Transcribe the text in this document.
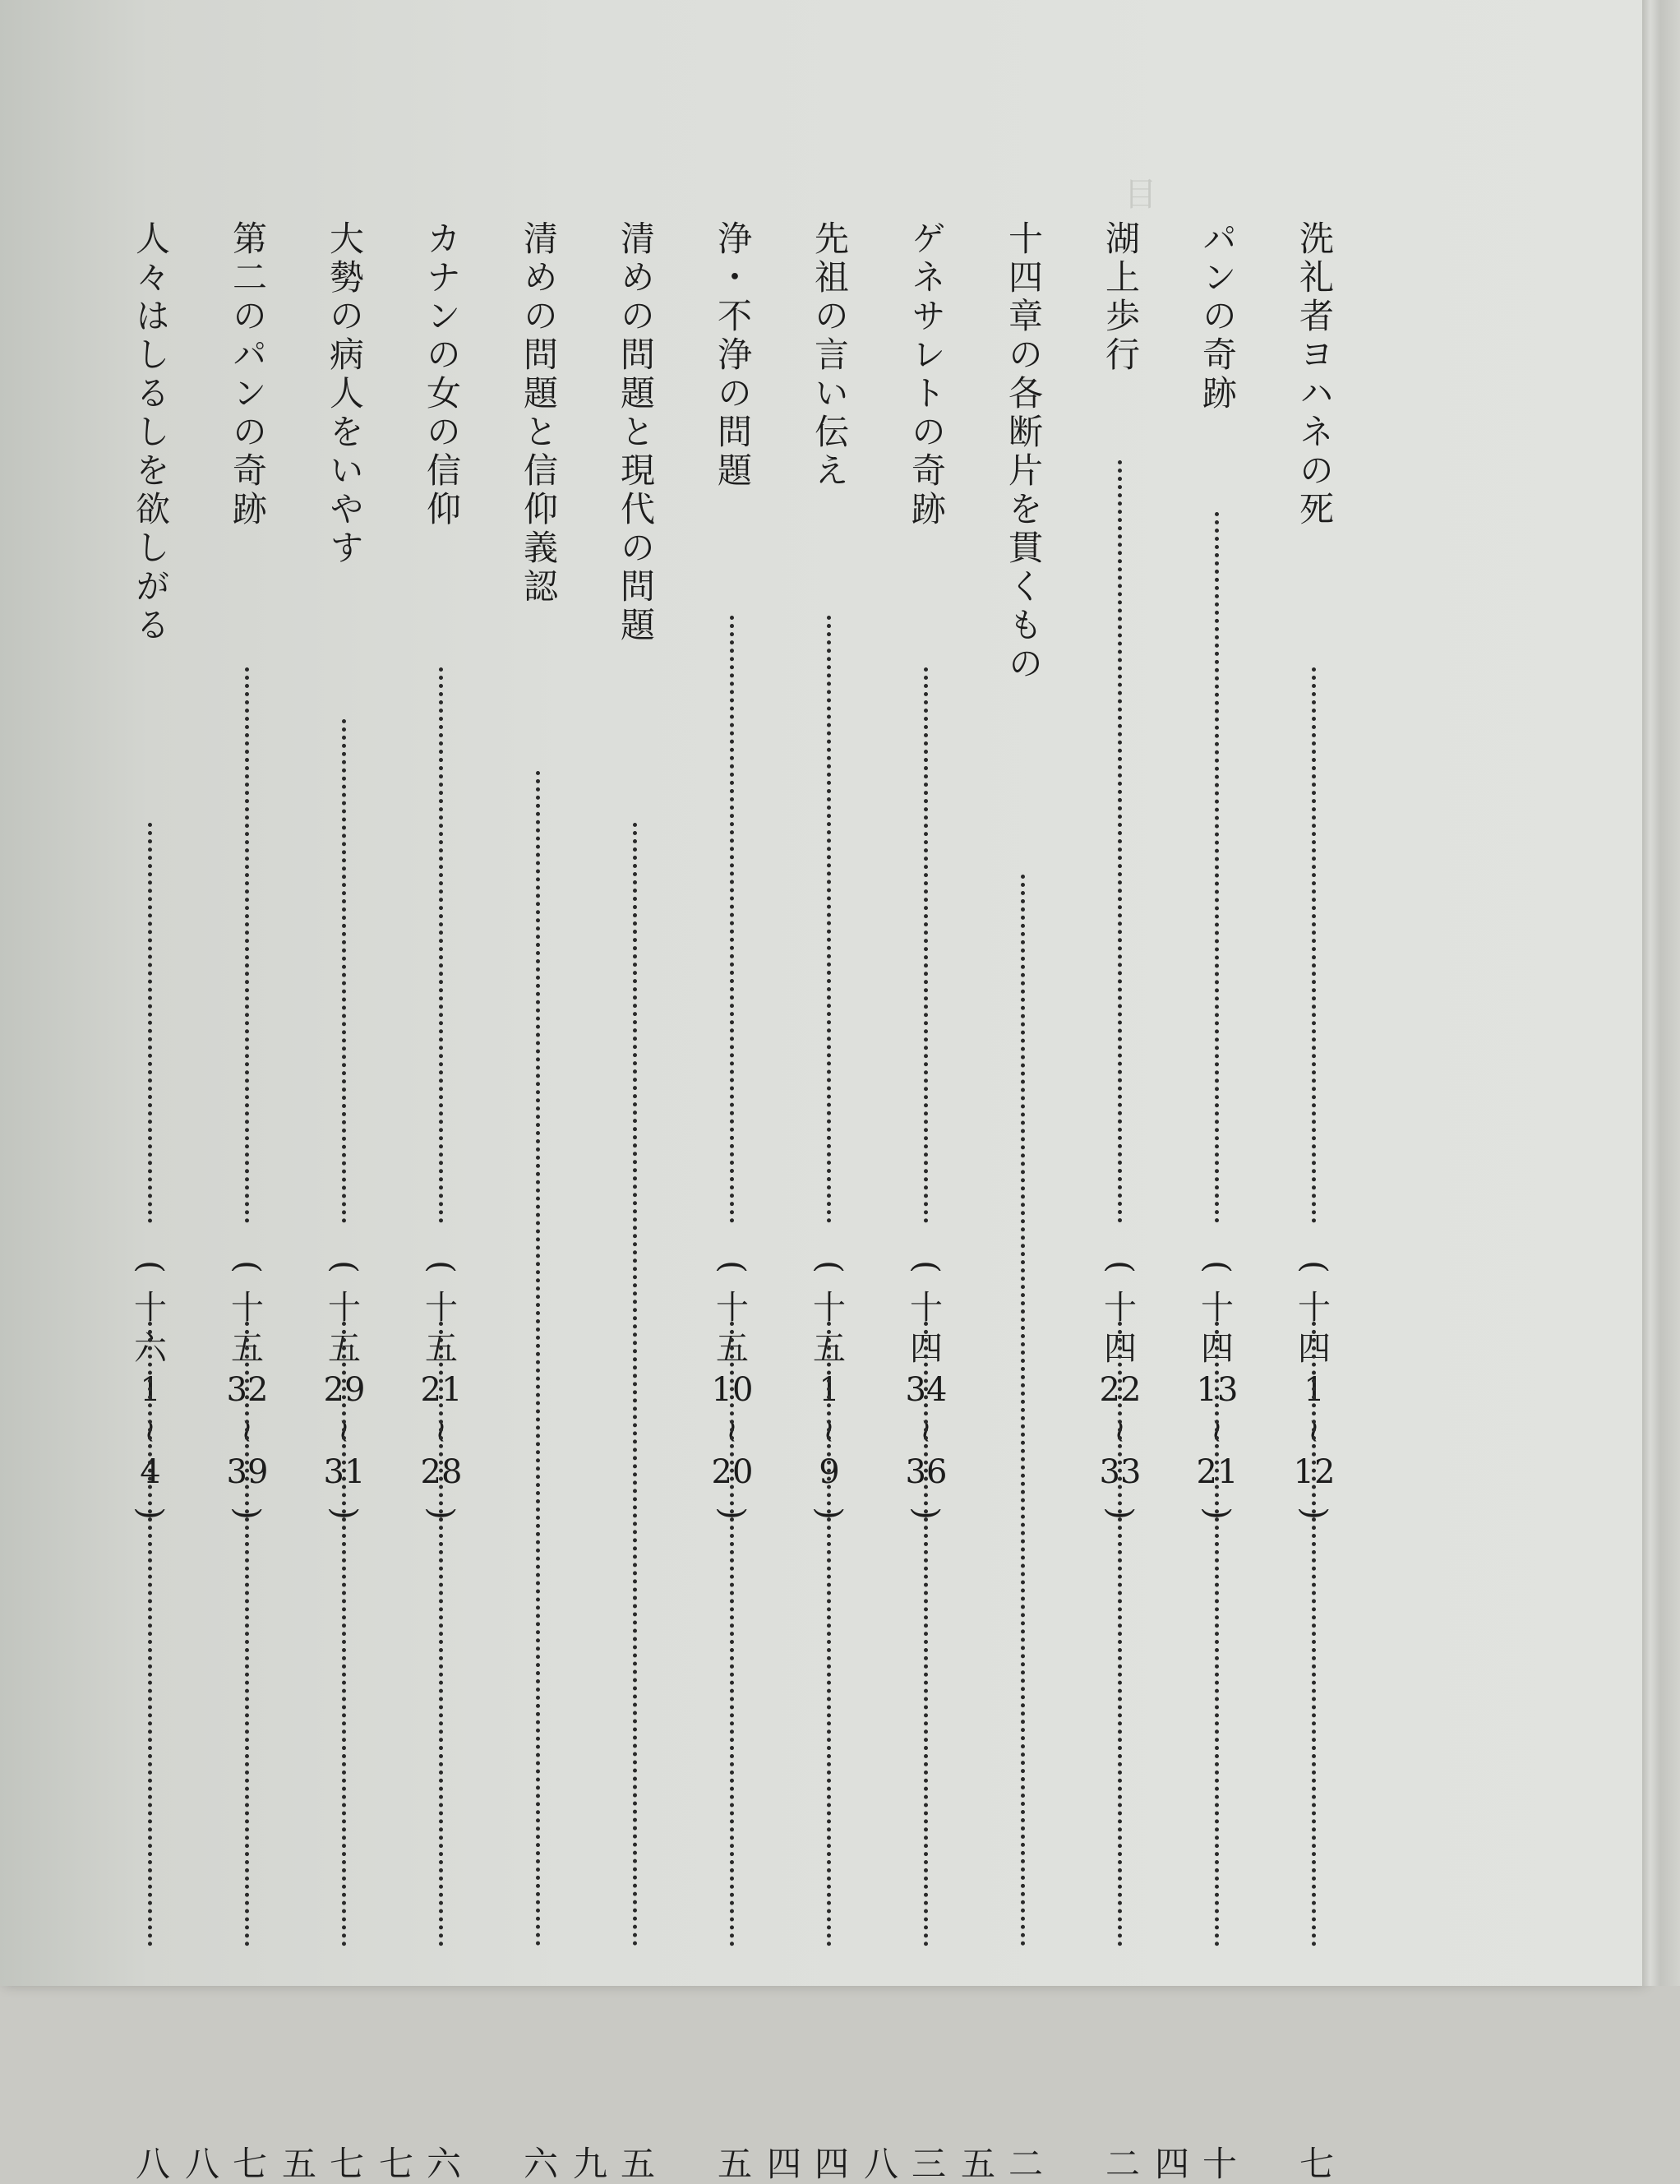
目
洗礼者ヨハネの死
(
十
四
1
~
12
)
七
パンの奇跡
(
十
四
13
~
21
)
十四
湖上歩行
(
十
四
22
~
33
)
二
十四章の各断片を貫くもの
二五
ゲネサレトの奇跡
(
十
四
34
~
36
)
三八
先祖の言い伝え
(
十
五
1
~
9
)
四四
浄・不浄の問題
(
十
五
10
~
20
)
五
清めの問題と現代の問題
五九
清めの問題と信仰義認
六
カナンの女の信仰
(
十
五
21
~
28
)
六七
大勢の病人をいやす
(
十
五
29
~
31
)
七五
第二のパンの奇跡
(
十
五
32
~
39
)
七八
人々はしるしを欲しがる
(
十
六
1
~
4
)
八
